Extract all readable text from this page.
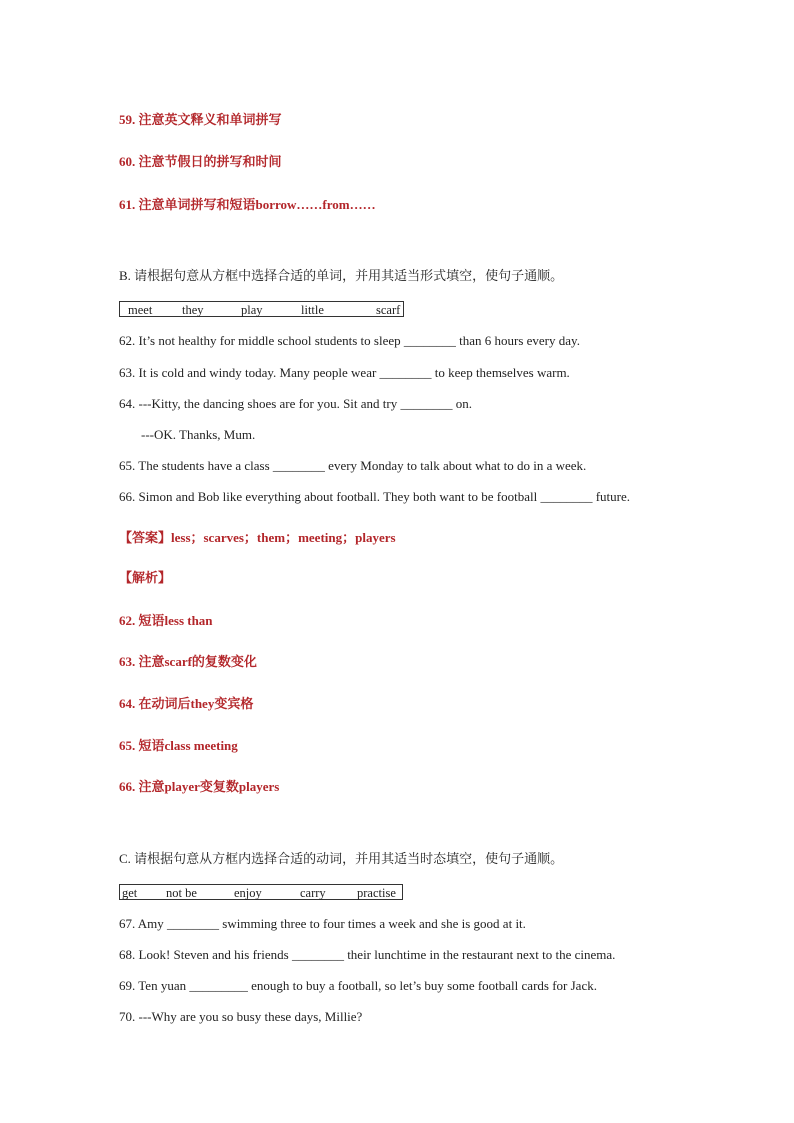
59. 注意英文释义和单词拼写
60. 注意节假日的拼写和时间
61. 注意单词拼写和短语borrow……from……
B. 请根据句意从方框中选择合适的单词，并用其适当形式填空，使句子通顺。
meet they	play	little	scarf
62. It’s not healthy for middle school students to sleep ________ than 6 hours every day.
63. It is cold and windy today. Many people wear ________ to keep themselves warm.
64. ---Kitty, the dancing shoes are for you. Sit and try ________ on.
---OK. Thanks, Mum.
65. The students have a class ________ every Monday to talk about what to do in a week.
66. Simon and Bob like everything about football. They both want to be football ________ future.
【答案】less；scarves；them；meeting；players
【解析】
62. 短语less than
63. 注意scarf的复数变化
64. 在动词后they变宾格
65. 短语class meeting
66. 注意player变复数players
C. 请根据句意从方框内选择合适的动词，并用其适当时态填空，使句子通顺。
get not be	enjoy	carry	practise
67. Amy ________ swimming three to four times a week and she is good at it.
68. Look! Steven and his friends ________ their lunchtime in the restaurant next to the cinema.
69. Ten yuan _________ enough to buy a football, so let’s buy some football cards for Jack.
70. ---Why are you so busy these days, Millie?
